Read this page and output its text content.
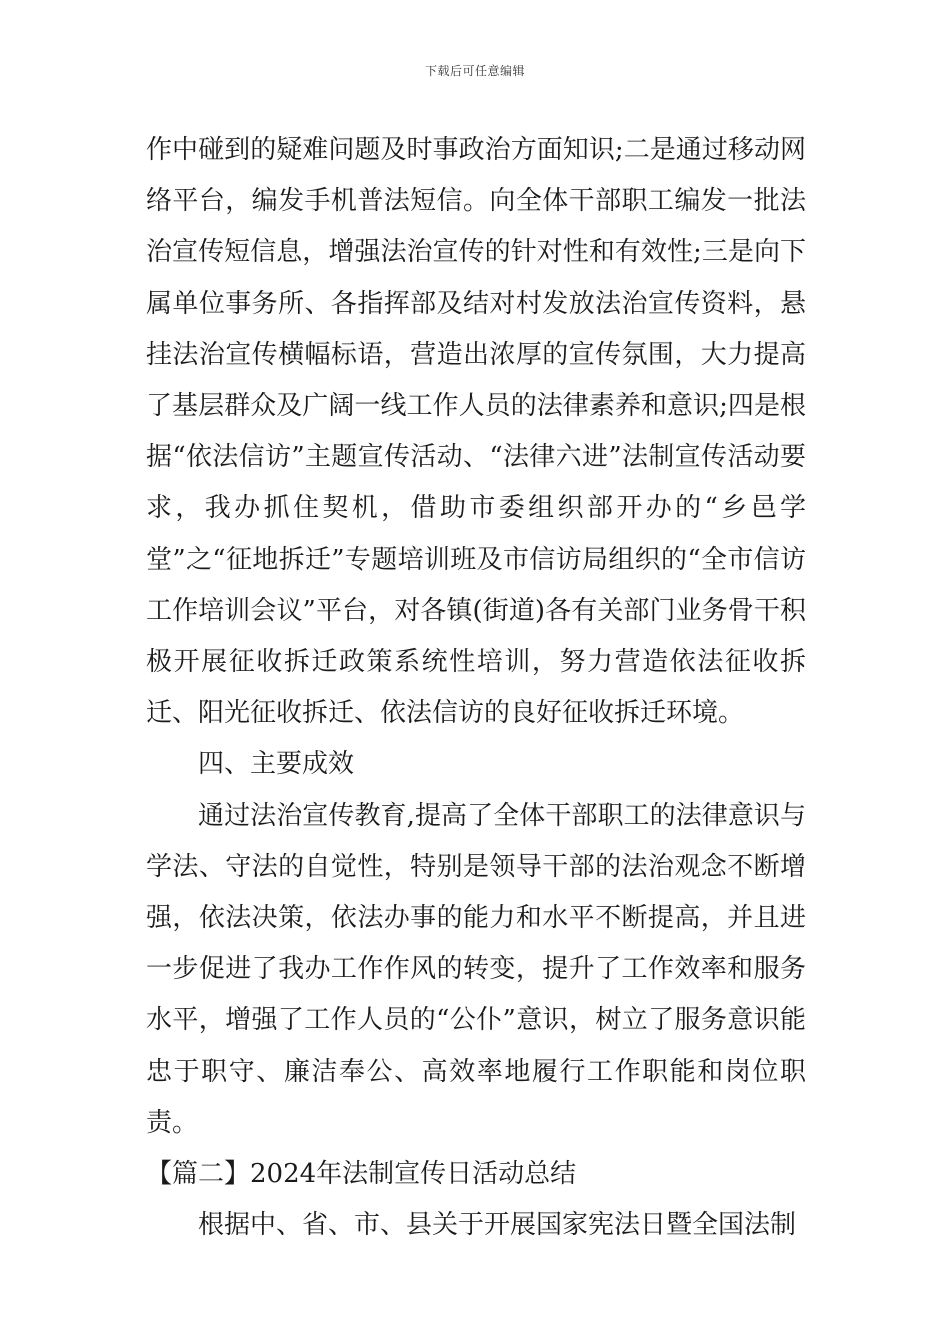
下载后可任意编辑

作中碰到的疑难问题及时事政治方面知识;二是通过移动网络平台，编发手机普法短信。向全体干部职工编发一批法治宣传短信息，增强法治宣传的针对性和有效性;三是向下属单位事务所、各指挥部及结对村发放法治宣传资料，悬挂法治宣传横幅标语，营造出浓厚的宣传氛围，大力提高了基层群众及广阔一线工作人员的法律素养和意识;四是根据“依法信访”主题宣传活动、“法律六进”法制宣传活动要求，我办抓住契机，借助市委组织部开办的“乡邑学堂”之“征地拆迁”专题培训班及市信访局组织的“全市信访工作培训会议”平台，对各镇(街道)各有关部门业务骨干积极开展征收拆迁政策系统性培训，努力营造依法征收拆迁、阳光征收拆迁、依法信访的良好征收拆迁环境。

四、主要成效

通过法治宣传教育,提高了全体干部职工的法律意识与学法、守法的自觉性，特别是领导干部的法治观念不断增强，依法决策，依法办事的能力和水平不断提高，并且进一步促进了我办工作作风的转变，提升了工作效率和服务水平，增强了工作人员的“公仆”意识，树立了服务意识能忠于职守、廉洁奉公、高效率地履行工作职能和岗位职责。

【篇二】2024年法制宣传日活动总结

根据中、省、市、县关于开展国家宪法日暨全国法制
